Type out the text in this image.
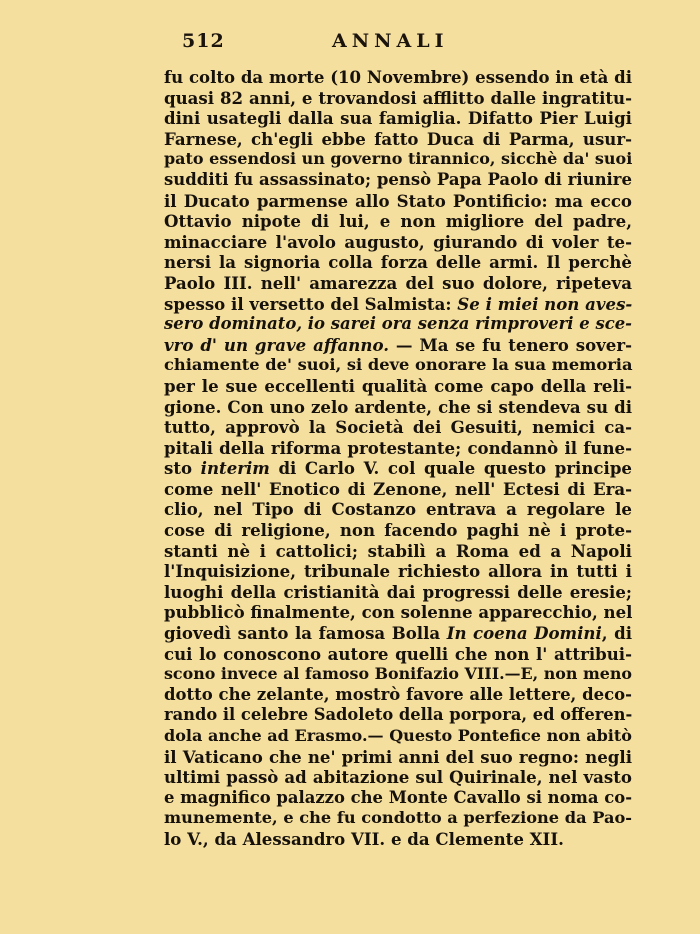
512	ANNALI
fu colto da morte (10 Novembre) essendo in età di
quasi 82 anni, e trovandosi afflitto dalle ingratitu-
dini usategli dalla sua famiglia. Difatto Pier Luigi
Farnese, ch'egli ebbe fatto Duca di Parma, usur-
pato essendosi un governo tirannico, sicchè da' suoi
sudditi fu assassinato; pensò Papa Paolo di riunire
il Ducato parmense allo Stato Pontificio: ma ecco
Ottavio nipote di lui, e non migliore del padre,
minacciare l'avolo augusto, giurando di voler te-
nersi la signoria colla forza delle armi. Il perchè
Paolo III. nell' amarezza del suo dolore, ripeteva
spesso il versetto del Salmista: Se i miei non aves-
sero dominato, io sarei ora senza rimproveri e sce-
vro d' un grave affanno. — Ma se fu tenero sover-
chiamente de' suoi, si deve onorare la sua memoria
per le sue eccellenti qualità come capo della reli-
gione. Con uno zelo ardente, che si stendeva su di
tutto, approvò la Società dei Gesuiti, nemici ca-
pitali della riforma protestante; condannò il fune-
sto interim di Carlo V. col quale questo principe
come nell' Enotico di Zenone, nell' Ectesi di Era-
clio, nel Tipo di Costanzo entrava a regolare le
cose di religione, non facendo paghi nè i prote-
stanti nè i cattolici; stabilì a Roma ed a Napoli
l'Inquisizione, tribunale richiesto allora in tutti i
luoghi della cristianità dai progressi delle eresie;
pubblicò finalmente, con solenne apparecchio, nel
giovedì santo la famosa Bolla In coena Domini, di
cui lo conoscono autore quelli che non l' attribui-
scono invece al famoso Bonifazio VIII.—E, non meno
dotto che zelante, mostrò favore alle lettere, deco-
rando il celebre Sadoleto della porpora, ed offeren-
dola anche ad Erasmo.— Questo Pontefice non abitò
il Vaticano che ne' primi anni del suo regno: negli
ultimi passò ad abitazione sul Quirinale, nel vasto
e magnifico palazzo che Monte Cavallo si noma co-
munemente, e che fu condotto a perfezione da Pao-
lo V., da Alessandro VII. e da Clemente XII.
